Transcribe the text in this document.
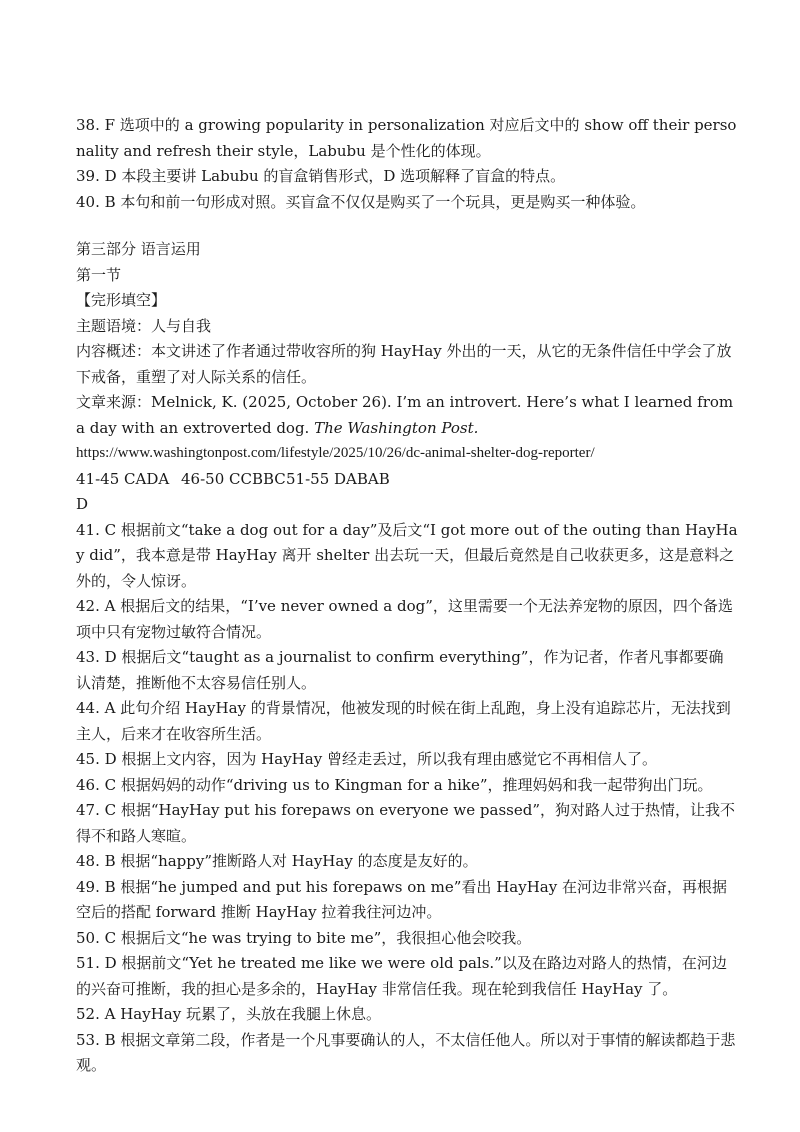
38. F 选项中的 a growing popularity in personalization 对应后文中的 show off their personality and refresh their style，Labubu 是个性化的体现。

39. D 本段主要讲 Labubu 的盲盒销售形式，D 选项解释了盲盒的特点。

40. B 本句和前一句形成对照。买盲盒不仅仅是购买了一个玩具，更是购买一种体验。

第三部分 语言运用

第一节

【完形填空】

主题语境：人与自我

内容概述：本文讲述了作者通过带收容所的狗 HayHay 外出的一天，从它的无条件信任中学会了放下戒备，重塑了对人际关系的信任。

文章来源：Melnick, K. (2025, October 26). I’m an introvert. Here’s what I learned from a day with an extroverted dog. The Washington Post.

https://www.washingtonpost.com/lifestyle/2025/10/26/dc-animal-shelter-dog-reporter/

41-45 CADAD
46-50 CCBBC 51-55 DABAB

41. C 根据前文“take a dog out for a day”及后文“I got more out of the outing than HayHay did”，我本意是带 HayHay 离开 shelter 出去玩一天，但最后竟然是自己收获更多，这是意料之外的，令人惊讶。

42. A 根据后文的结果，“I’ve never owned a dog”，这里需要一个无法养宠物的原因，四个备选项中只有宠物过敏符合情况。

43. D 根据后文“taught as a journalist to confirm everything”，作为记者，作者凡事都要确认清楚，推断他不太容易信任别人。

44. A 此句介绍 HayHay 的背景情况，他被发现的时候在街上乱跑，身上没有追踪芯片，无法找到主人，后来才在收容所生活。

45. D 根据上文内容，因为 HayHay 曾经走丢过，所以我有理由感觉它不再相信人了。

46. C 根据妈妈的动作“driving us to Kingman for a hike”，推理妈妈和我一起带狗出门玩。

47. C 根据“HayHay put his forepaws on everyone we passed”，狗对路人过于热情，让我不得不和路人寒暄。

48. B 根据“happy”推断路人对 HayHay 的态度是友好的。

49. B 根据“he jumped and put his forepaws on me”看出 HayHay 在河边非常兴奋，再根据空后的搭配 forward 推断 HayHay 拉着我往河边冲。

50. C 根据后文“he was trying to bite me”，我很担心他会咬我。

51. D 根据前文“Yet he treated me like we were old pals.”以及在路边对路人的热情，在河边的兴奋可推断，我的担心是多余的，HayHay 非常信任我。现在轮到我信任 HayHay 了。

52. A HayHay 玩累了，头放在我腿上休息。

53. B 根据文章第二段，作者是一个凡事要确认的人，不太信任他人。所以对于事情的解读都趋于悲观。
